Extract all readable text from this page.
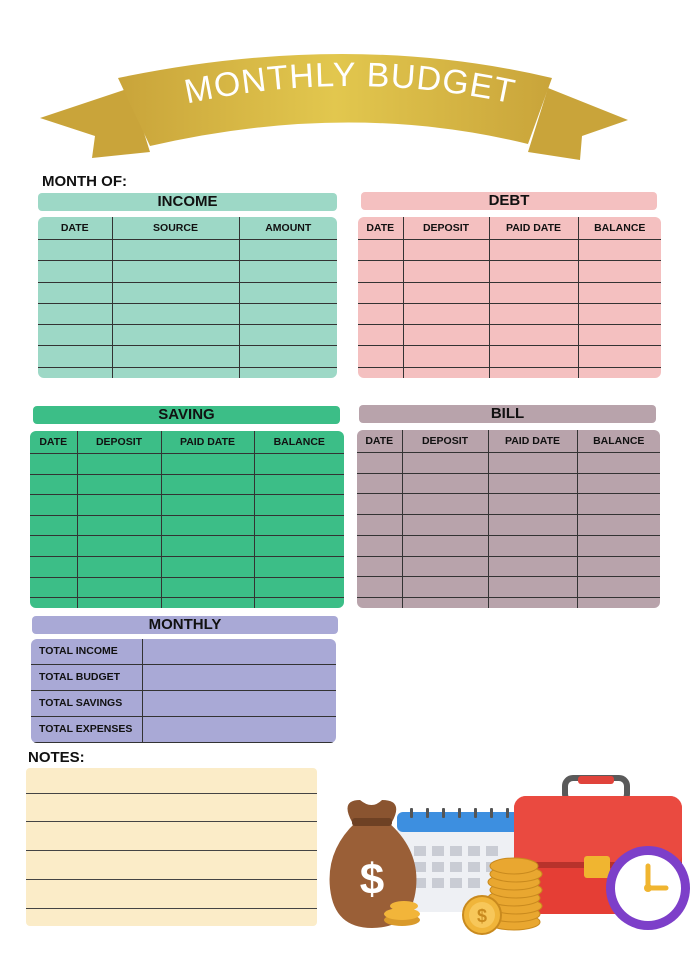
MONTHLY BUDGET
MONTH OF:
INCOME
DATE	SOURCE	AMOUNT

DEBT
DATE	DEPOSIT	PAID DATE	BALANCE

SAVING
DATE	DEPOSIT	PAID DATE	BALANCE

BILL
DATE	DEPOSIT	PAID DATE	BALANCE

MONTHLY
TOTAL INCOME	
TOTAL BUDGET	
TOTAL SAVINGS	
TOTAL EXPENSES	

NOTES:
$
$
